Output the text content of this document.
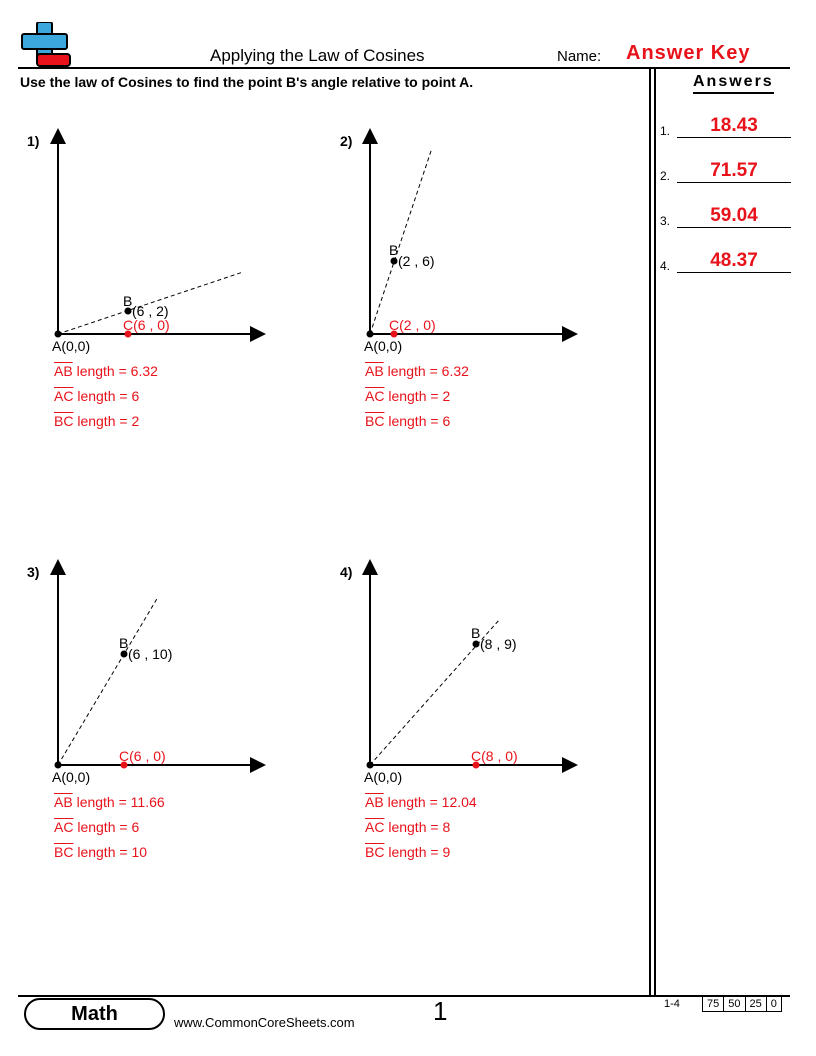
Applying the Law of Cosines	Name: Answer Key
Use the law of Cosines to find the point B's angle relative to point A.	Answers
1.	18.43
2.	71.57
3.	59.04
4.	48.37
1)
A(0,0)
B
(6 , 2)
C(6 , 0)
$\overline{AB}$ length = 6.32
$\overline{AC}$ length = 6
$\overline{BC}$ length = 2
2)
A(0,0)
B
(2 , 6)
C(2 , 0)
$\overline{AB}$ length = 6.32
$\overline{AC}$ length = 2
$\overline{BC}$ length = 6
3)
A(0,0)
B
(6 , 10)
C(6 , 0)
$\overline{AB}$ length = 11.66
$\overline{AC}$ length = 6
$\overline{BC}$ length = 10
4)
A(0,0)
B
(8 , 9)
C(8 , 0)
$\overline{AB}$ length = 12.04
$\overline{AC}$ length = 8
$\overline{BC}$ length = 9
Math	www.CommonCoreSheets.com	1	1-4 75	50	25	0
